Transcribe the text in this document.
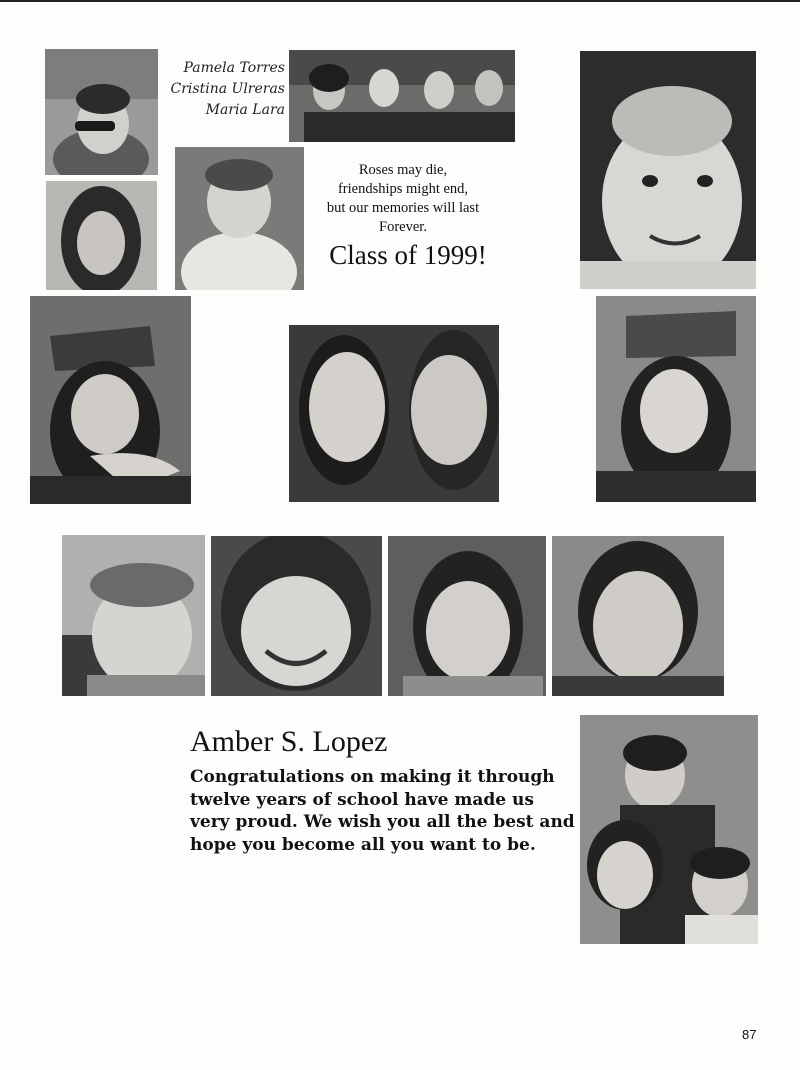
Pamela Torres
Cristina Ulreras
Maria Lara
Roses may die,
friendships might end,
but our memories will last
Forever.
Class of 1999!
Amber S. Lopez
Congratulations on making it through twelve years of school have made us very proud. We wish you all the best and hope you become all you want to be.
87
